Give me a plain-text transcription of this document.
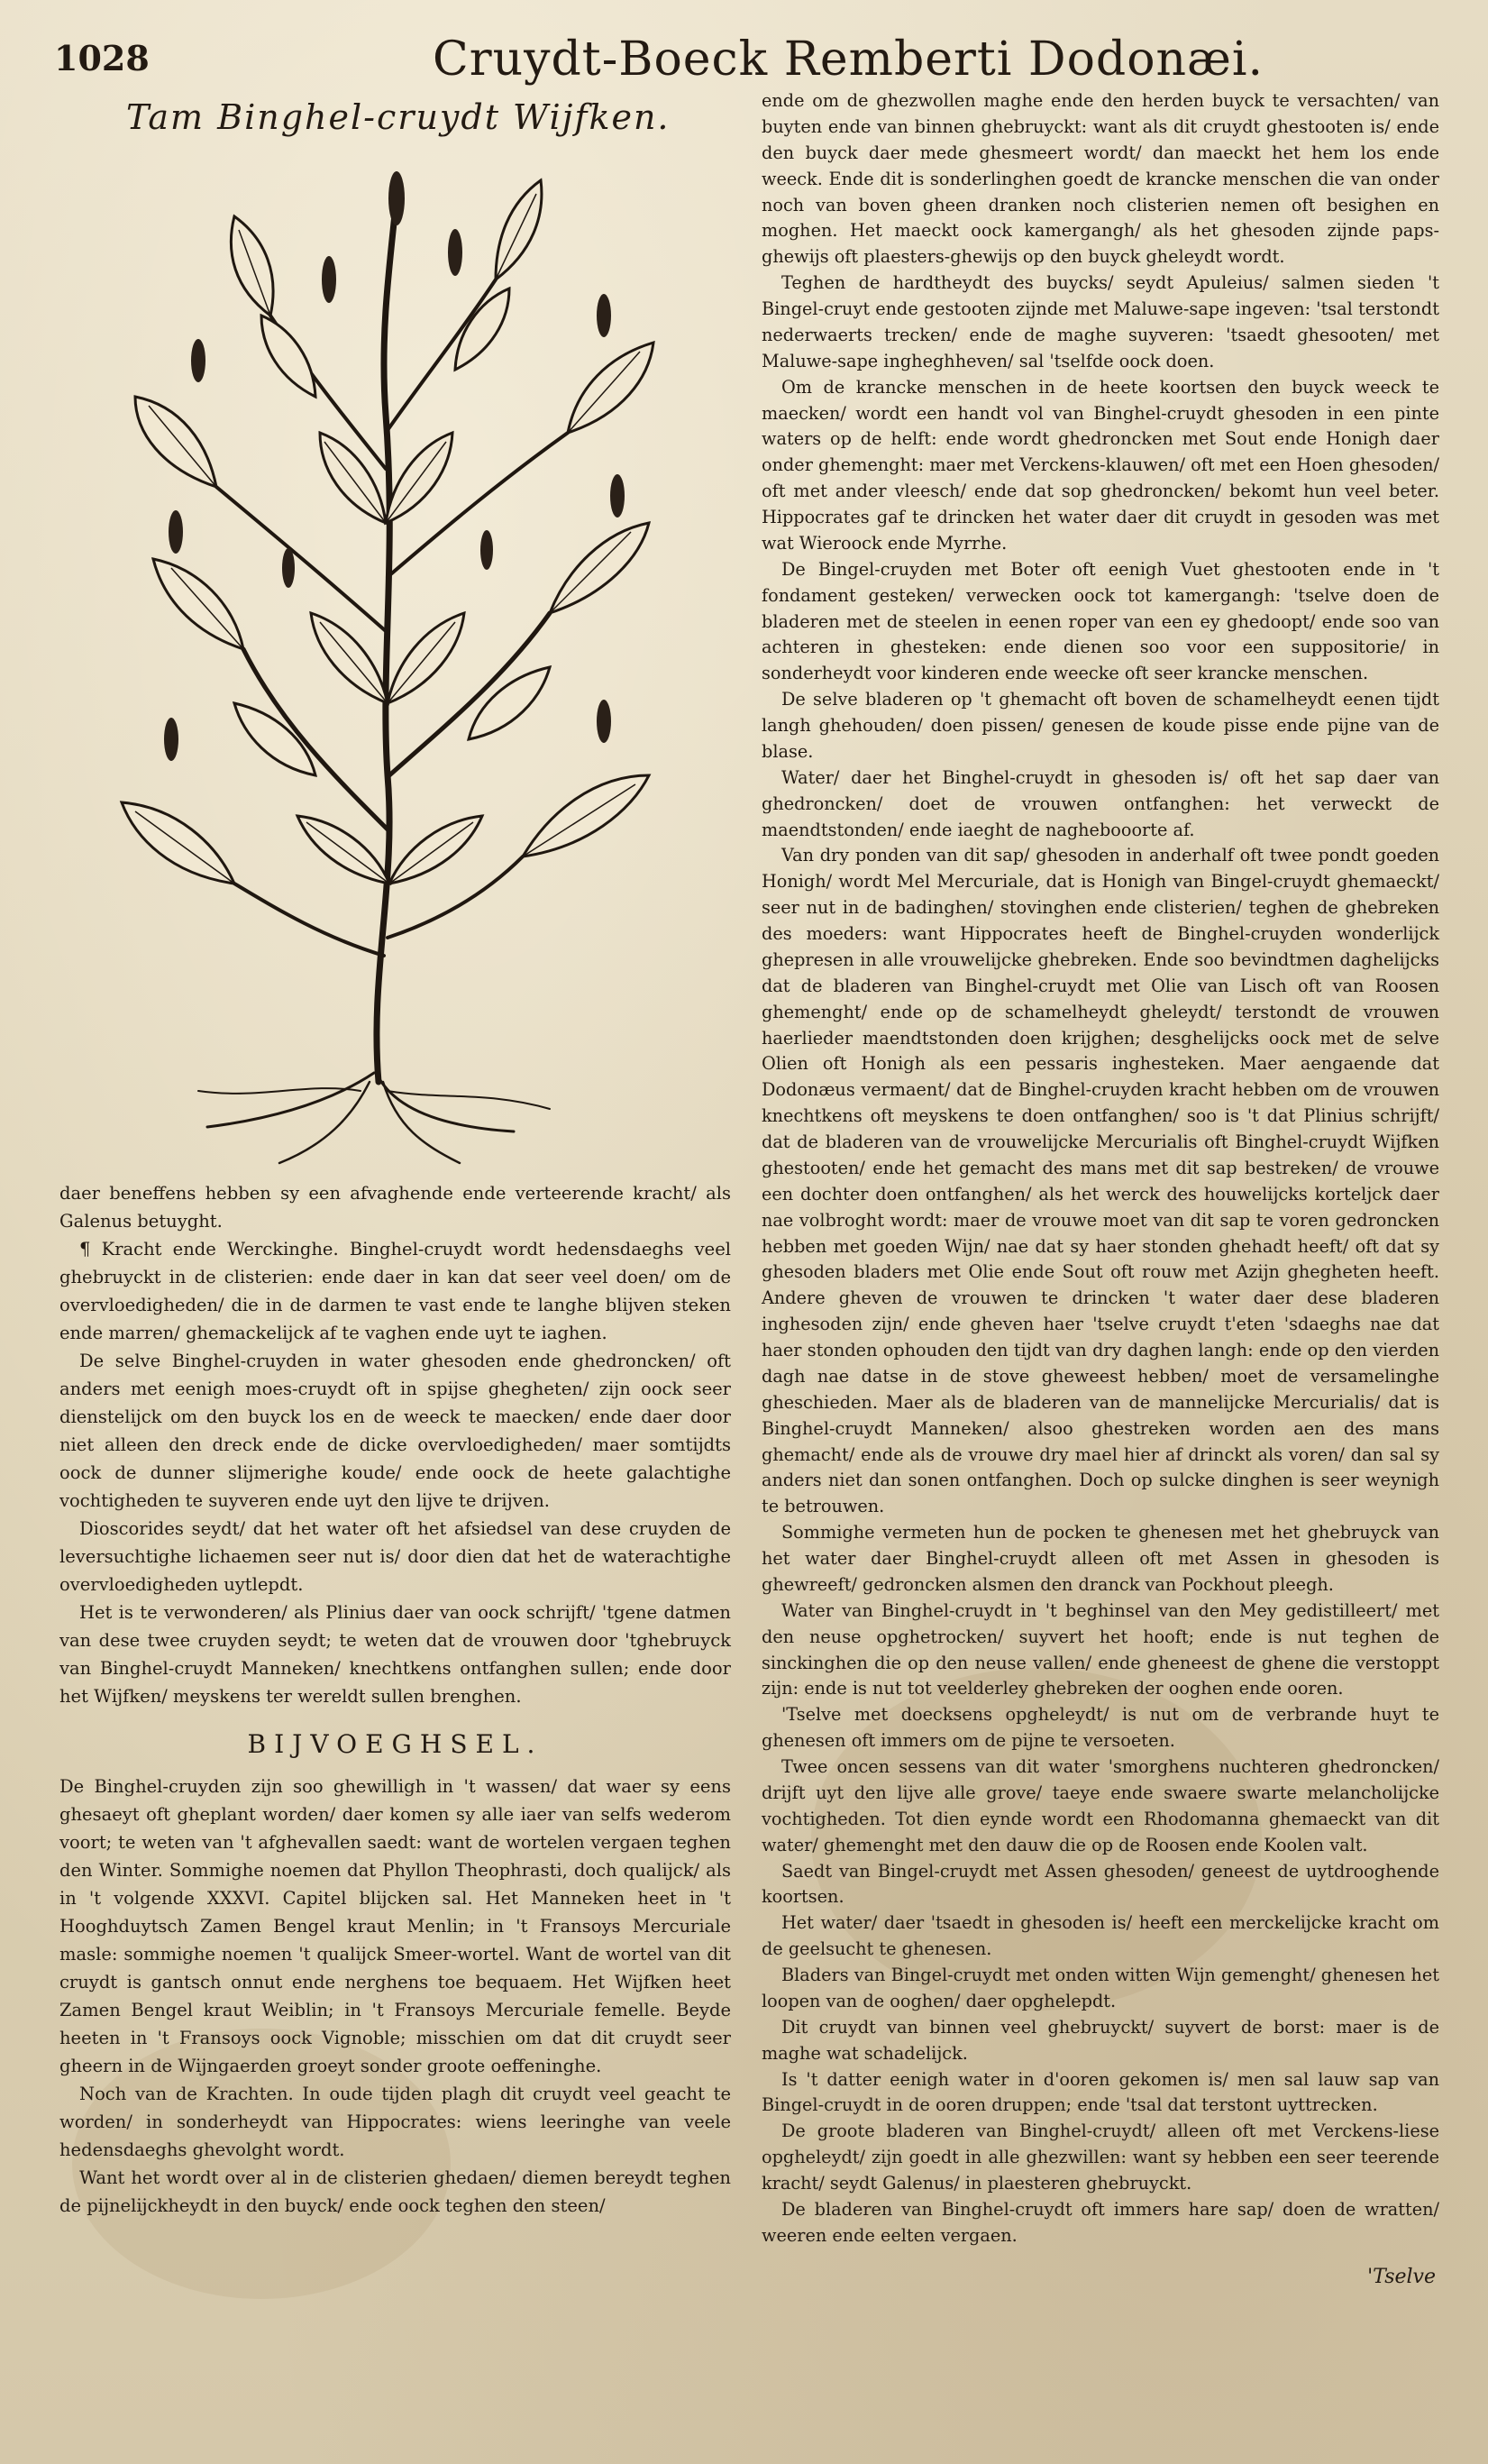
1028	Cruydt-Boeck Remberti Dodonæi.
Tam Binghel-cruydt Wijfken.

daer beneffens hebben sy een afvaghende ende verteerende kracht/ als Galenus betuyght.

¶ Kracht ende Werckinghe. Binghel-cruydt wordt hedensdaeghs veel ghebruyckt in de clisterien: ende daer in kan dat seer veel doen/ om de overvloedigheden/ die in de darmen te vast ende te langhe blijven steken ende marren/ ghemackelijck af te vaghen ende uyt te iaghen.

De selve Binghel-cruyden in water ghesoden ende ghedroncken/ oft anders met eenigh moes-cruydt oft in spijse ghegheten/ zijn oock seer dienstelijck om den buyck los en de weeck te maecken/ ende daer door niet alleen den dreck ende de dicke overvloedigheden/ maer somtijdts oock de dunner slijmerighe koude/ ende oock de heete galachtighe vochtigheden te suyveren ende uyt den lijve te drijven.

Dioscorides seydt/ dat het water oft het afsiedsel van dese cruyden de leversuchtighe lichaemen seer nut is/ door dien dat het de waterachtighe overvloedigheden uytlepdt.

Het is te verwonderen/ als Plinius daer van oock schrijft/ 'tgene datmen van dese twee cruyden seydt; te weten dat de vrouwen door 'tghebruyck van Binghel-cruydt Manneken/ knechtkens ontfanghen sullen; ende door het Wijfken/ meyskens ter wereldt sullen brenghen.

BIJVOEGHSEL.

De Binghel-cruyden zijn soo ghewilligh in 't wassen/ dat waer sy eens ghesaeyt oft gheplant worden/ daer komen sy alle iaer van selfs wederom voort; te weten van 't afghevallen saedt: want de wortelen vergaen teghen den Winter. Sommighe noemen dat Phyllon Theophrasti, doch qualijck/ als in 't volgende XXXVI. Capitel blijcken sal. Het Manneken heet in 't Hooghduytsch Zamen Bengel kraut Menlin; in 't Fransoys Mercuriale masle: sommighe noemen 't qualijck Smeer-wortel. Want de wortel van dit cruydt is gantsch onnut ende nerghens toe bequaem. Het Wijfken heet Zamen Bengel kraut Weiblin; in 't Fransoys Mercuriale femelle. Beyde heeten in 't Fransoys oock Vignoble; misschien om dat dit cruydt seer gheern in de Wijngaerden groeyt sonder groote oeffeninghe.

Noch van de Krachten. In oude tijden plagh dit cruydt veel geacht te worden/ in sonderheydt van Hippocrates: wiens leeringhe van veele hedensdaeghs ghevolght wordt.

Want het wordt over al in de clisterien ghedaen/ diemen bereydt teghen de pijnelijckheydt in den buyck/ ende oock teghen den steen/

ende om de ghezwollen maghe ende den herden buyck te versachten/ van buyten ende van binnen ghebruyckt: want als dit cruydt ghestooten is/ ende den buyck daer mede ghesmeert wordt/ dan maeckt het hem los ende weeck. Ende dit is sonderlinghen goedt de krancke menschen die van onder noch van boven gheen dranken noch clisterien nemen oft besighen en moghen. Het maeckt oock kamergangh/ als het ghesoden zijnde paps-ghewijs oft plaesters-ghewijs op den buyck gheleydt wordt.

Teghen de hardtheydt des buycks/ seydt Apuleius/ salmen sieden 't Bingel-cruyt ende gestooten zijnde met Maluwe-sape ingeven: 'tsal terstondt nederwaerts trecken/ ende de maghe suyveren: 'tsaedt ghesooten/ met Maluwe-sape ingheghheven/ sal 'tselfde oock doen.

Om de krancke menschen in de heete koortsen den buyck weeck te maecken/ wordt een handt vol van Binghel-cruydt ghesoden in een pinte waters op de helft: ende wordt ghedroncken met Sout ende Honigh daer onder ghemenght: maer met Verckens-klauwen/ oft met een Hoen ghesoden/ oft met ander vleesch/ ende dat sop ghedroncken/ bekomt hun veel beter. Hippocrates gaf te drincken het water daer dit cruydt in gesoden was met wat Wieroock ende Myrrhe.

De Bingel-cruyden met Boter oft eenigh Vuet ghestooten ende in 't fondament gesteken/ verwecken oock tot kamergangh: 'tselve doen de bladeren met de steelen in eenen roper van een ey ghedoopt/ ende soo van achteren in ghesteken: ende dienen soo voor een suppositorie/ in sonderheydt voor kinderen ende weecke oft seer krancke menschen.

De selve bladeren op 't ghemacht oft boven de schamelheydt eenen tijdt langh ghehouden/ doen pissen/ genesen de koude pisse ende pijne van de blase.

Water/ daer het Binghel-cruydt in ghesoden is/ oft het sap daer van ghedroncken/ doet de vrouwen ontfanghen: het verweckt de maendtstonden/ ende iaeght de naghebooorte af.

Van dry ponden van dit sap/ ghesoden in anderhalf oft twee pondt goeden Honigh/ wordt Mel Mercuriale, dat is Honigh van Bingel-cruydt ghemaeckt/ seer nut in de badinghen/ stovinghen ende clisterien/ teghen de ghebreken des moeders: want Hippocrates heeft de Binghel-cruyden wonderlijck ghepresen in alle vrouwelijcke ghebreken. Ende soo bevindtmen daghelijcks dat de bladeren van Binghel-cruydt met Olie van Lisch oft van Roosen ghemenght/ ende op de schamelheydt gheleydt/ terstondt de vrouwen haerlieder maendtstonden doen krijghen; desghelijcks oock met de selve Olien oft Honigh als een pessaris inghesteken. Maer aengaende dat Dodonæus vermaent/ dat de Binghel-cruyden kracht hebben om de vrouwen knechtkens oft meyskens te doen ontfanghen/ soo is 't dat Plinius schrijft/ dat de bladeren van de vrouwelijcke Mercurialis oft Binghel-cruydt Wijfken ghestooten/ ende het gemacht des mans met dit sap bestreken/ de vrouwe een dochter doen ontfanghen/ als het werck des houwelijcks korteljck daer nae volbroght wordt: maer de vrouwe moet van dit sap te voren gedroncken hebben met goeden Wijn/ nae dat sy haer stonden ghehadt heeft/ oft dat sy ghesoden bladers met Olie ende Sout oft rouw met Azijn ghegheten heeft. Andere gheven de vrouwen te drincken 't water daer dese bladeren inghesoden zijn/ ende gheven haer 'tselve cruydt t'eten 'sdaeghs nae dat haer stonden ophouden den tijdt van dry daghen langh: ende op den vierden dagh nae datse in de stove gheweest hebben/ moet de versamelinghe gheschieden. Maer als de bladeren van de mannelijcke Mercurialis/ dat is Binghel-cruydt Manneken/ alsoo ghestreken worden aen des mans ghemacht/ ende als de vrouwe dry mael hier af drinckt als voren/ dan sal sy anders niet dan sonen ontfanghen. Doch op sulcke dinghen is seer weynigh te betrouwen.

Sommighe vermeten hun de pocken te ghenesen met het ghebruyck van het water daer Binghel-cruydt alleen oft met Assen in ghesoden is ghewreeft/ gedroncken alsmen den dranck van Pockhout pleegh.

Water van Binghel-cruydt in 't beghinsel van den Mey gedistilleert/ met den neuse opghetrocken/ suyvert het hooft; ende is nut teghen de sinckinghen die op den neuse vallen/ ende gheneest de ghene die verstoppt zijn: ende is nut tot veelderley ghebreken der ooghen ende ooren.

'Tselve met doecksens opgheleydt/ is nut om de verbrande huyt te ghenesen oft immers om de pijne te versoeten.

Twee oncen sessens van dit water 'smorghens nuchteren ghedroncken/ drijft uyt den lijve alle grove/ taeye ende swaere swarte melancholijcke vochtigheden. Tot dien eynde wordt een Rhodomanna ghemaeckt van dit water/ ghemenght met den dauw die op de Roosen ende Koolen valt.

Saedt van Bingel-cruydt met Assen ghesoden/ geneest de uytdrooghende koortsen.

Het water/ daer 'tsaedt in ghesoden is/ heeft een merckelijcke kracht om de geelsucht te ghenesen.

Bladers van Bingel-cruydt met onden witten Wijn gemenght/ ghenesen het loopen van de ooghen/ daer opghelepdt.

Dit cruydt van binnen veel ghebruyckt/ suyvert de borst: maer is de maghe wat schadelijck.

Is 't datter eenigh water in d'ooren gekomen is/ men sal lauw sap van Bingel-cruydt in de ooren druppen; ende 'tsal dat terstont uyttrecken.

De groote bladeren van Binghel-cruydt/ alleen oft met Verckens-liese opgheleydt/ zijn goedt in alle ghezwillen: want sy hebben een seer teerende kracht/ seydt Galenus/ in plaesteren ghebruyckt.

De bladeren van Binghel-cruydt oft immers hare sap/ doen de wratten/ weeren ende eelten vergaen.

'Tselve
